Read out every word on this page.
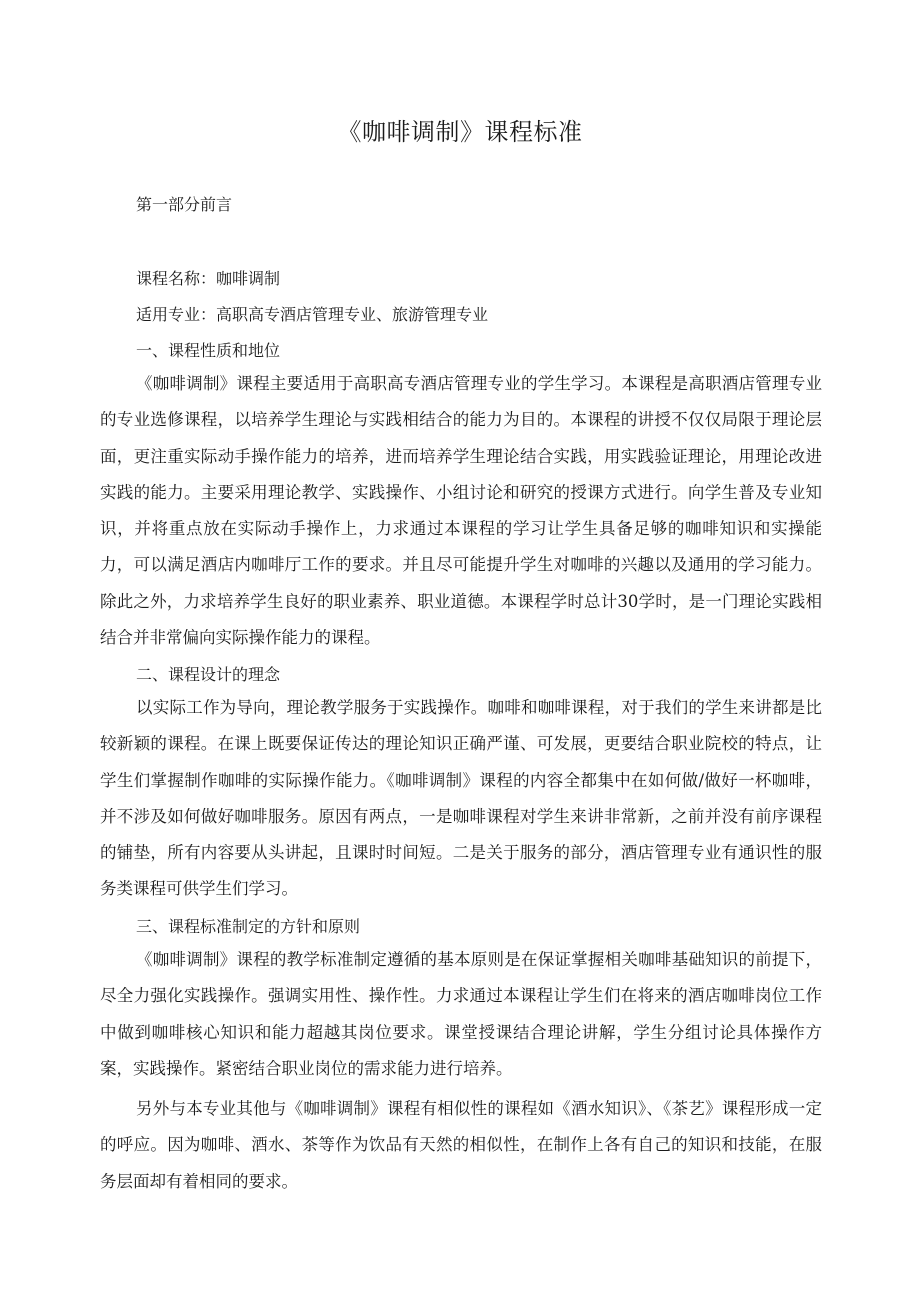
《咖啡调制》课程标准
第一部分前言
课程名称：咖啡调制
适用专业：高职高专酒店管理专业、旅游管理专业
一、课程性质和地位

《咖啡调制》课程主要适用于高职高专酒店管理专业的学生学习。本课程是高职酒店管理专业的专业选修课程，以培养学生理论与实践相结合的能力为目的。本课程的讲授不仅仅局限于理论层面，更注重实际动手操作能力的培养，进而培养学生理论结合实践，用实践验证理论，用理论改进实践的能力。主要采用理论教学、实践操作、小组讨论和研究的授课方式进行。向学生普及专业知识，并将重点放在实际动手操作上，力求通过本课程的学习让学生具备足够的咖啡知识和实操能力，可以满足酒店内咖啡厅工作的要求。并且尽可能提升学生对咖啡的兴趣以及通用的学习能力。除此之外，力求培养学生良好的职业素养、职业道德。本课程学时总计30学时，是一门理论实践相结合并非常偏向实际操作能力的课程。

二、课程设计的理念

以实际工作为导向，理论教学服务于实践操作。咖啡和咖啡课程，对于我们的学生来讲都是比较新颖的课程。在课上既要保证传达的理论知识正确严谨、可发展，更要结合职业院校的特点，让学生们掌握制作咖啡的实际操作能力。《咖啡调制》课程的内容全都集中在如何做/做好一杯咖啡，并不涉及如何做好咖啡服务。原因有两点，一是咖啡课程对学生来讲非常新，之前并没有前序课程的铺垫，所有内容要从头讲起，且课时时间短。二是关于服务的部分，酒店管理专业有通识性的服务类课程可供学生们学习。

三、课程标准制定的方针和原则

《咖啡调制》课程的教学标准制定遵循的基本原则是在保证掌握相关咖啡基础知识的前提下，尽全力强化实践操作。强调实用性、操作性。力求通过本课程让学生们在将来的酒店咖啡岗位工作中做到咖啡核心知识和能力超越其岗位要求。课堂授课结合理论讲解，学生分组讨论具体操作方案，实践操作。紧密结合职业岗位的需求能力进行培养。

另外与本专业其他与《咖啡调制》课程有相似性的课程如《酒水知识》、《茶艺》课程形成一定的呼应。因为咖啡、酒水、茶等作为饮品有天然的相似性，在制作上各有自己的知识和技能，在服务层面却有着相同的要求。
